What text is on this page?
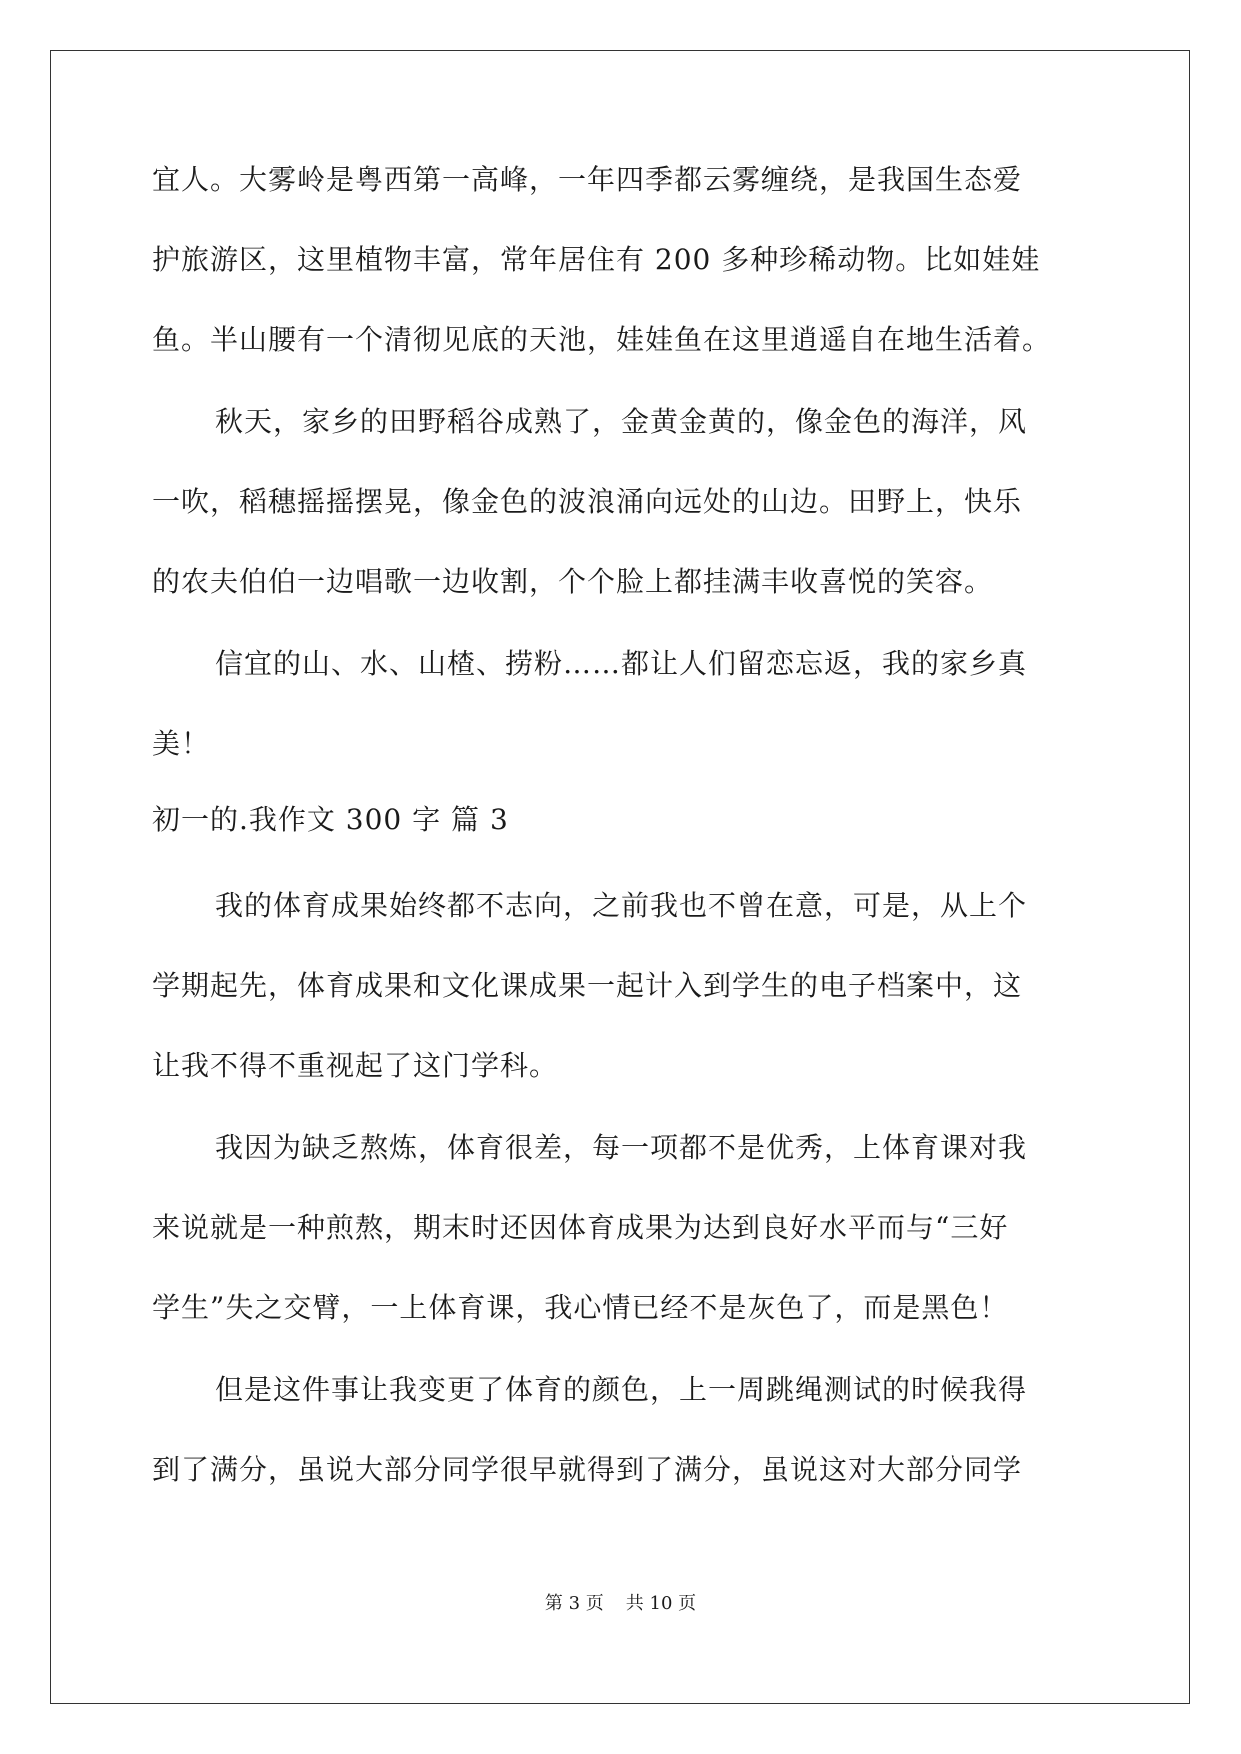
宜人。大雾岭是粤西第一高峰，一年四季都云雾缠绕，是我国生态爱
护旅游区，这里植物丰富，常年居住有 200 多种珍稀动物。比如娃娃
鱼。半山腰有一个清彻见底的天池，娃娃鱼在这里逍遥自在地生活着。
秋天，家乡的田野稻谷成熟了，金黄金黄的，像金色的海洋，风
一吹，稻穗摇摇摆晃，像金色的波浪涌向远处的山边。田野上，快乐
的农夫伯伯一边唱歌一边收割，个个脸上都挂满丰收喜悦的笑容。
信宜的山、水、山楂、捞粉……都让人们留恋忘返，我的家乡真
美！
初一的.我作文 300 字 篇 3
我的体育成果始终都不志向，之前我也不曾在意，可是，从上个
学期起先，体育成果和文化课成果一起计入到学生的电子档案中，这
让我不得不重视起了这门学科。
我因为缺乏熬炼，体育很差，每一项都不是优秀，上体育课对我
来说就是一种煎熬，期末时还因体育成果为达到良好水平而与“三好
学生”失之交臂，一上体育课，我心情已经不是灰色了，而是黑色！
但是这件事让我变更了体育的颜色，上一周跳绳测试的时候我得
到了满分，虽说大部分同学很早就得到了满分，虽说这对大部分同学
第 3 页 共 10 页
